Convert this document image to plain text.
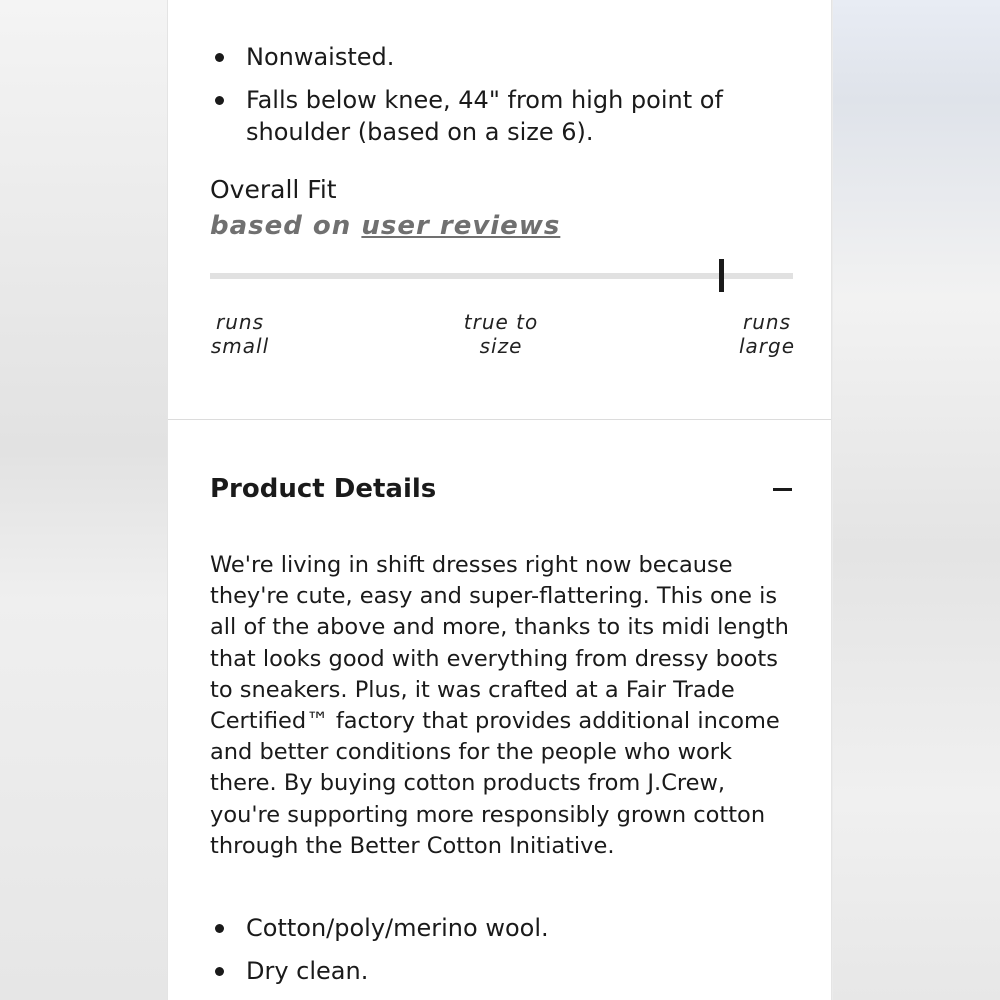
Nonwaisted.
Falls below knee, 44" from high point of shoulder (based on a size 6).
Overall Fit
based on user reviews
runs
small
true to
size
runs
large
Product Details

We're living in shift dresses right now because they're cute, easy and super-flattering. This one is all of the above and more, thanks to its midi length that looks good with everything from dressy boots to sneakers. Plus, it was crafted at a Fair Trade Certified™ factory that provides additional income and better conditions for the people who work there. By buying cotton products from J.Crew, you're supporting more responsibly grown cotton through the Better Cotton Initiative.

Cotton/poly/merino wool.
Dry clean.
